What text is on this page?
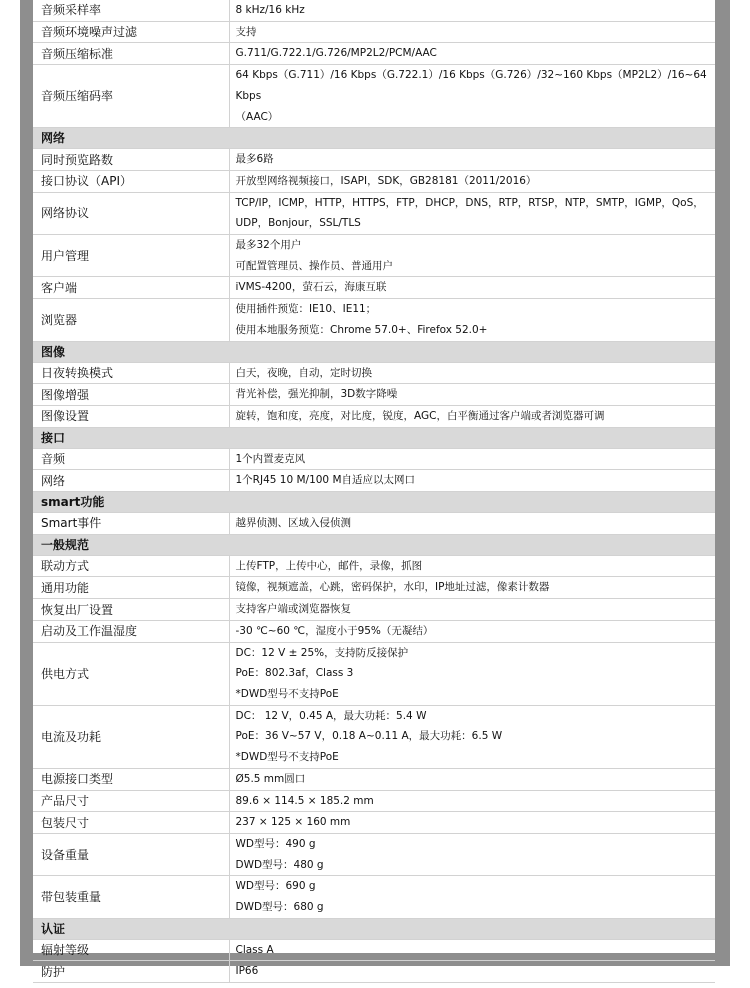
音频采样率	8 kHz/16 kHz

音频环境噪声过滤	支持

音频压缩标准	G.711/G.722.1/G.726/MP2L2/PCM/AAC

音频压缩码率	64 Kbps（G.711）/16 Kbps（G.722.1）/16 Kbps（G.726）/32~160 Kbps（MP2L2）/16~64 Kbps
（AAC）

网络	
同时预览路数	最多6路

接口协议（API）	开放型网络视频接口，ISAPI，SDK，GB28181（2011/2016）

网络协议	TCP/IP，ICMP，HTTP，HTTPS，FTP，DHCP，DNS，RTP，RTSP，NTP，SMTP，IGMP，QoS，
UDP，Bonjour，SSL/TLS

用户管理	最多32个用户
可配置管理员、操作员、普通用户

客户端	iVMS-4200，萤石云，海康互联

浏览器	使用插件预览：IE10、IE11；
使用本地服务预览：Chrome 57.0+、Firefox 52.0+

图像	
日夜转换模式	白天，夜晚，自动，定时切换

图像增强	背光补偿，强光抑制，3D数字降噪

图像设置	旋转，饱和度，亮度，对比度，锐度，AGC，白平衡通过客户端或者浏览器可调

接口	
音频	1个内置麦克风

网络	1个RJ45 10 M/100 M自适应以太网口

smart功能	
Smart事件	越界侦测、区域入侵侦测

一般规范	
联动方式	上传FTP，上传中心，邮件，录像，抓图

通用功能	镜像，视频遮盖，心跳，密码保护，水印，IP地址过滤，像素计数器

恢复出厂设置	支持客户端或浏览器恢复

启动及工作温湿度	-30 ℃~60 ℃，湿度小于95%（无凝结）

供电方式	DC：12 V ± 25%，支持防反接保护
PoE：802.3af，Class 3
*DWD型号不支持PoE

电流及功耗	DC： 12 V，0.45 A，最大功耗：5.4 W
PoE：36 V~57 V，0.18 A~0.11 A，最大功耗：6.5 W
*DWD型号不支持PoE

电源接口类型	Ø5.5 mm圆口

产品尺寸	89.6 × 114.5 × 185.2 mm

包装尺寸	237 × 125 × 160 mm

设备重量	WD型号：490 g
DWD型号：480 g

带包装重量	WD型号：690 g
DWD型号：680 g

认证	
辐射等级	Class A

防护	IP66
